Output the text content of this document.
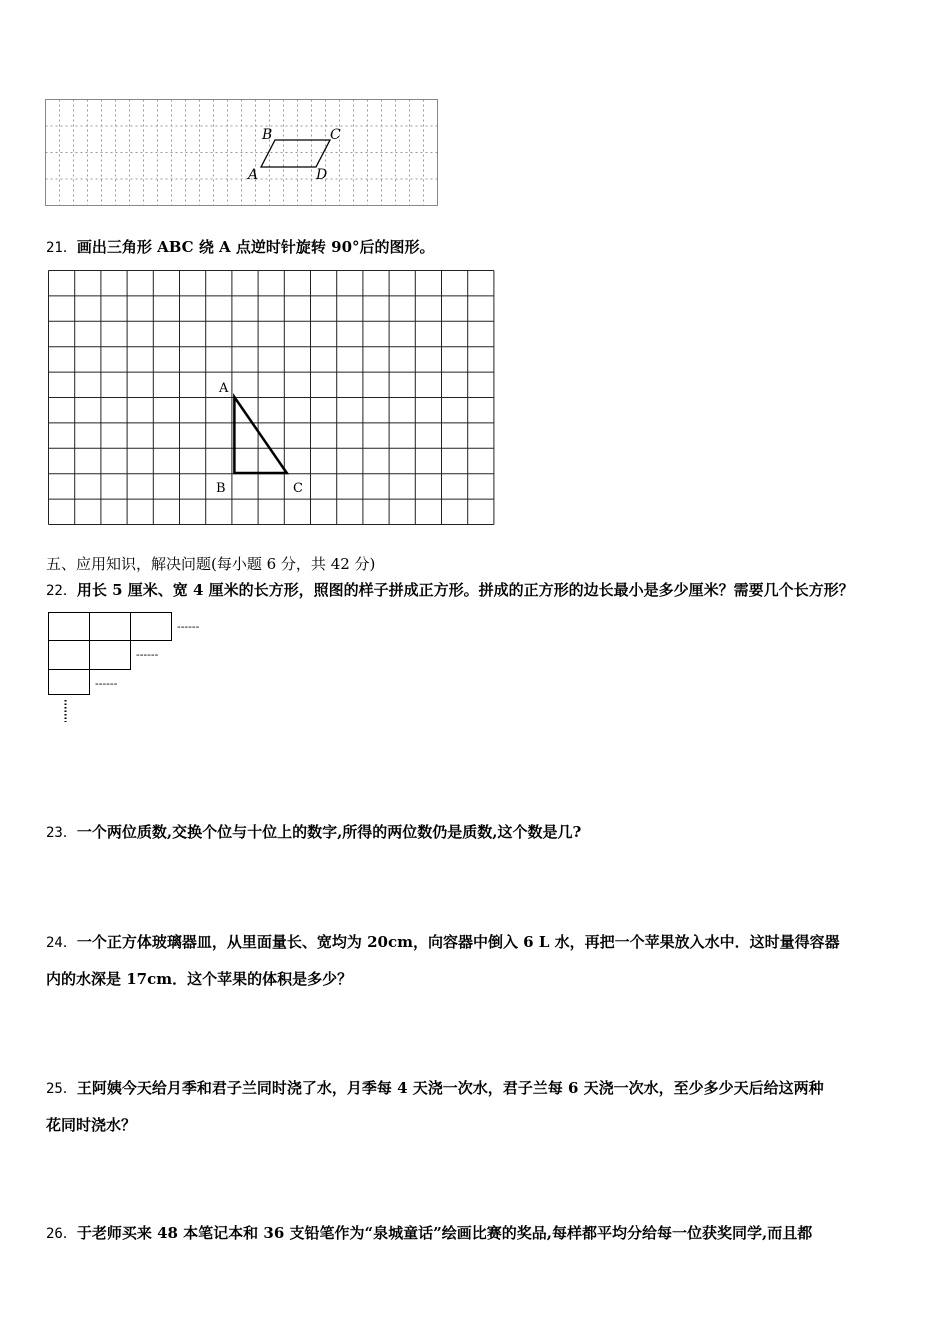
B	C
A	D
21．画出三角形 ABC 绕 A 点逆时针旋转 90°后的图形。
A
B	C
五、应用知识，解决问题(每小题 6 分，共 42 分)
22．用长 5 厘米、宽 4 厘米的长方形，照图的样子拼成正方形。拼成的正方形的边长最小是多少厘米？需要几个长方形？
------
------
------
23．一个两位质数,交换个位与十位上的数字,所得的两位数仍是质数,这个数是几?
24．一个正方体玻璃器皿，从里面量长、宽均为 20cm，向容器中倒入 6 L 水，再把一个苹果放入水中．这时量得容器
内的水深是 17cm．这个苹果的体积是多少？
25．王阿姨今天给月季和君子兰同时浇了水，月季每 4 天浇一次水，君子兰每 6 天浇一次水，至少多少天后给这两种
花同时浇水？
26．于老师买来 48 本笔记本和 36 支铅笔作为“泉城童话”绘画比赛的奖品,每样都平均分给每一位获奖同学,而且都
